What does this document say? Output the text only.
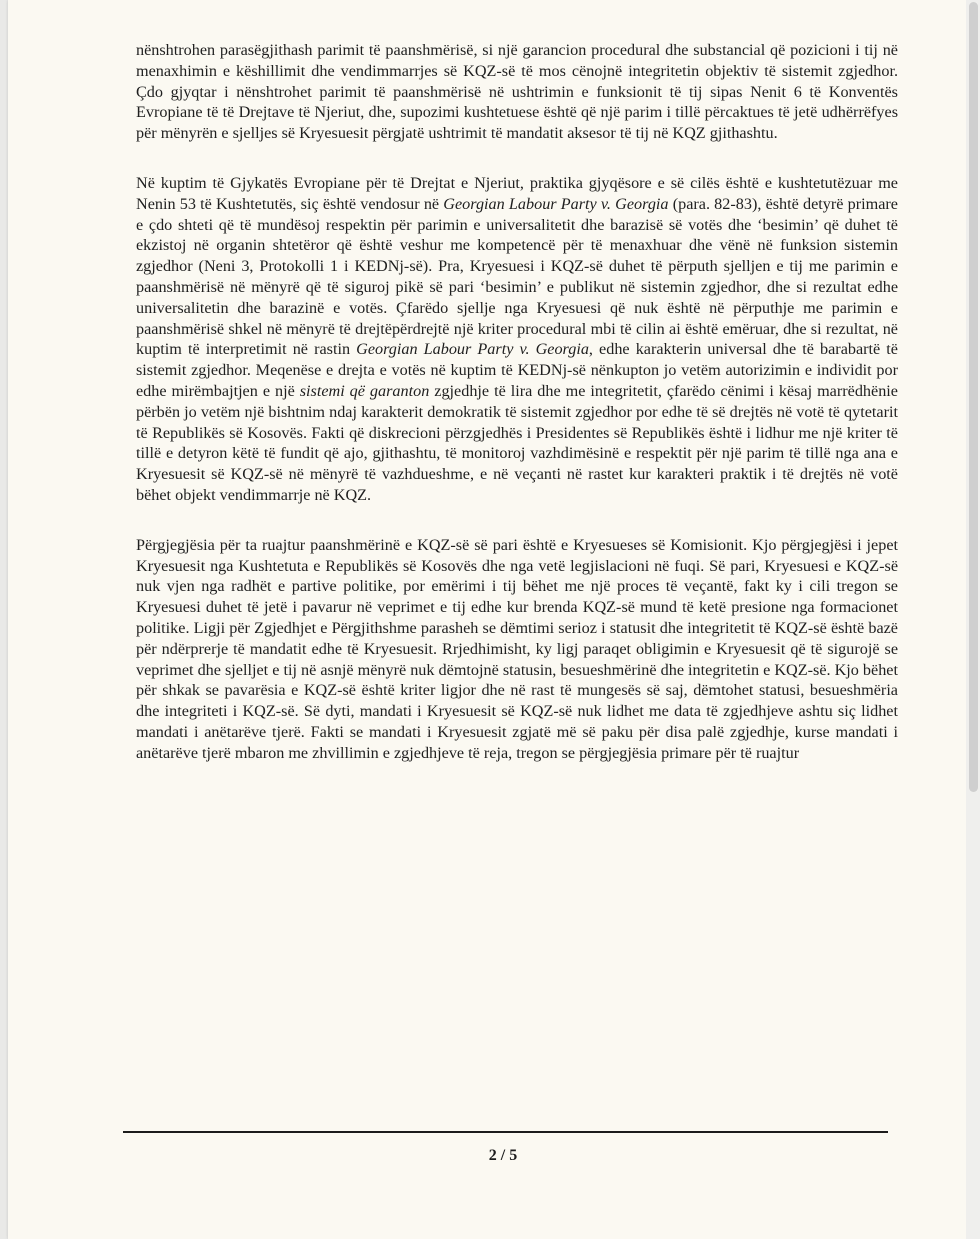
nënshtrohen parasëgjithash parimit të paanshmërisë, si një garancion procedural dhe substancial që pozicioni i tij në menaxhimin e këshillimit dhe vendimmarrjes së KQZ-së të mos cënojnë integritetin objektiv të sistemit zgjedhor. Çdo gjyqtar i nënshtrohet parimit të paanshmërisë në ushtrimin e funksionit të tij sipas Nenit 6 të Konventës Evropiane të të Drejtave të Njeriut, dhe, supozimi kushtetuese është që një parim i tillë përcaktues të jetë udhërrëfyes për mënyrën e sjelljes së Kryesuesit përgjatë ushtrimit të mandatit aksesor të tij në KQZ gjithashtu.

Në kuptim të Gjykatës Evropiane për të Drejtat e Njeriut, praktika gjyqësore e së cilës është e kushtetutëzuar me Nenin 53 të Kushtetutës, siç është vendosur në Georgian Labour Party v. Georgia (para. 82-83), është detyrë primare e çdo shteti që të mundësoj respektin për parimin e universalitetit dhe barazisë së votës dhe ‘besimin’ që duhet të ekzistoj në organin shtetëror që është veshur me kompetencë për të menaxhuar dhe vënë në funksion sistemin zgjedhor (Neni 3, Protokolli 1 i KEDNj-së). Pra, Kryesuesi i KQZ-së duhet të përputh sjelljen e tij me parimin e paanshmërisë në mënyrë që të siguroj pikë së pari ‘besimin’ e publikut në sistemin zgjedhor, dhe si rezultat edhe universalitetin dhe barazinë e votës. Çfarëdo sjellje nga Kryesuesi që nuk është në përputhje me parimin e paanshmërisë shkel në mënyrë të drejtëpërdrejtë një kriter procedural mbi të cilin ai është emëruar, dhe si rezultat, në kuptim të interpretimit në rastin Georgian Labour Party v. Georgia, edhe karakterin universal dhe të barabartë të sistemit zgjedhor. Meqenëse e drejta e votës në kuptim të KEDNj-së nënkupton jo vetëm autorizimin e individit por edhe mirëmbajtjen e një sistemi që garanton zgjedhje të lira dhe me integritetit, çfarëdo cënimi i kësaj marrëdhënie përbën jo vetëm një bishtnim ndaj karakterit demokratik të sistemit zgjedhor por edhe të së drejtës në votë të qytetarit të Republikës së Kosovës. Fakti që diskrecioni përzgjedhës i Presidentes së Republikës është i lidhur me një kriter të tillë e detyron këtë të fundit që ajo, gjithashtu, të monitoroj vazhdimësinë e respektit për një parim të tillë nga ana e Kryesuesit së KQZ-së në mënyrë të vazhdueshme, e në veçanti në rastet kur karakteri praktik i të drejtës në votë bëhet objekt vendimmarrje në KQZ.

Përgjegjësia për ta ruajtur paanshmërinë e KQZ-së së pari është e Kryesueses së Komisionit. Kjo përgjegjësi i jepet Kryesuesit nga Kushtetuta e Republikës së Kosovës dhe nga vetë legjislacioni në fuqi. Së pari, Kryesuesi e KQZ-së nuk vjen nga radhët e partive politike, por emërimi i tij bëhet me një proces të veçantë, fakt ky i cili tregon se Kryesuesi duhet të jetë i pavarur në veprimet e tij edhe kur brenda KQZ-së mund të ketë presione nga formacionet politike. Ligji për Zgjedhjet e Përgjithshme parasheh se dëmtimi serioz i statusit dhe integritetit të KQZ-së është bazë për ndërprerje të mandatit edhe të Kryesuesit. Rrjedhimisht, ky ligj paraqet obligimin e Kryesuesit që të sigurojë se veprimet dhe sjelljet e tij në asnjë mënyrë nuk dëmtojnë statusin, besueshmërinë dhe integritetin e KQZ-së. Kjo bëhet për shkak se pavarësia e KQZ-së është kriter ligjor dhe në rast të mungesës së saj, dëmtohet statusi, besueshmëria dhe integriteti i KQZ-së. Së dyti, mandati i Kryesuesit së KQZ-së nuk lidhet me data të zgjedhjeve ashtu siç lidhet mandati i anëtarëve tjerë. Fakti se mandati i Kryesuesit zgjatë më së paku për disa palë zgjedhje, kurse mandati i anëtarëve tjerë mbaron me zhvillimin e zgjedhjeve të reja, tregon se përgjegjësia primare për të ruajtur

2 / 5
